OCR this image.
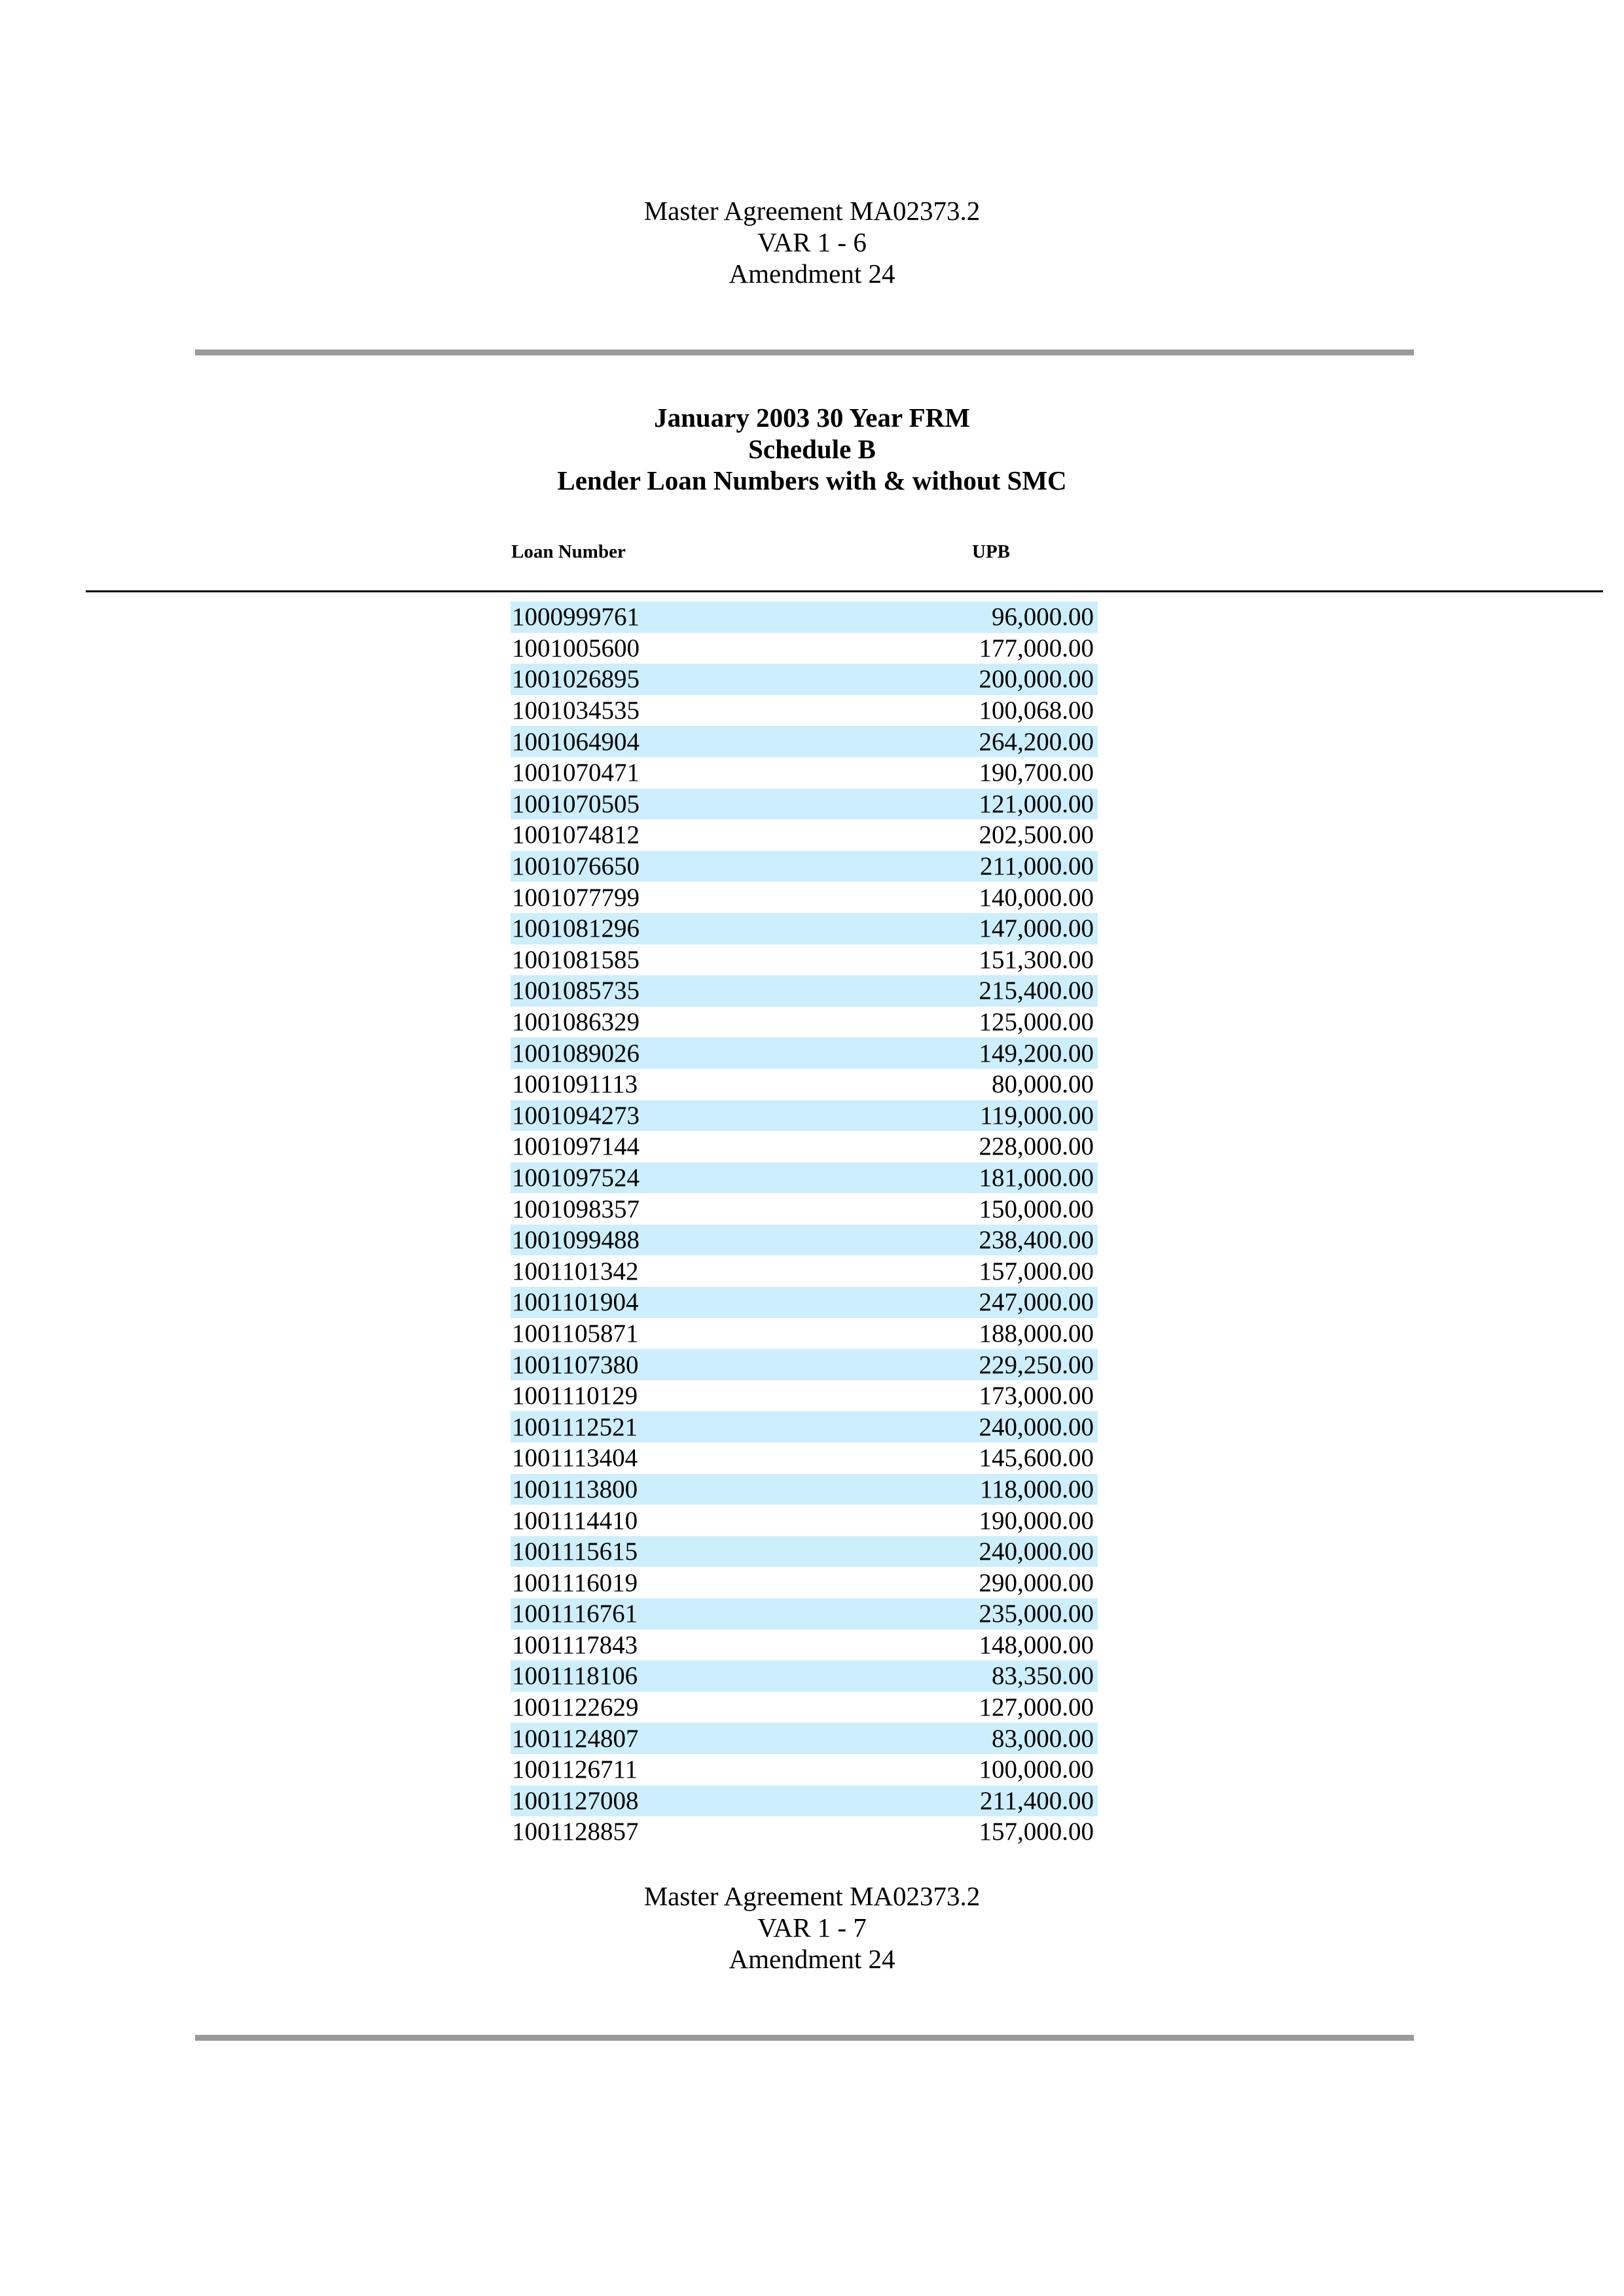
Master Agreement MA02373.2
VAR 1 - 6
Amendment 24
January 2003 30 Year FRM
Schedule B
Lender Loan Numbers with & without SMC
Loan Number	UPB
1000999761	96,000.00
1001005600	177,000.00
1001026895	200,000.00
1001034535	100,068.00
1001064904	264,200.00
1001070471	190,700.00
1001070505	121,000.00
1001074812	202,500.00
1001076650	211,000.00
1001077799	140,000.00
1001081296	147,000.00
1001081585	151,300.00
1001085735	215,400.00
1001086329	125,000.00
1001089026	149,200.00
1001091113	80,000.00
1001094273	119,000.00
1001097144	228,000.00
1001097524	181,000.00
1001098357	150,000.00
1001099488	238,400.00
1001101342	157,000.00
1001101904	247,000.00
1001105871	188,000.00
1001107380	229,250.00
1001110129	173,000.00
1001112521	240,000.00
1001113404	145,600.00
1001113800	118,000.00
1001114410	190,000.00
1001115615	240,000.00
1001116019	290,000.00
1001116761	235,000.00
1001117843	148,000.00
1001118106	83,350.00
1001122629	127,000.00
1001124807	83,000.00
1001126711	100,000.00
1001127008	211,400.00
1001128857	157,000.00
Master Agreement MA02373.2
VAR 1 - 7
Amendment 24
